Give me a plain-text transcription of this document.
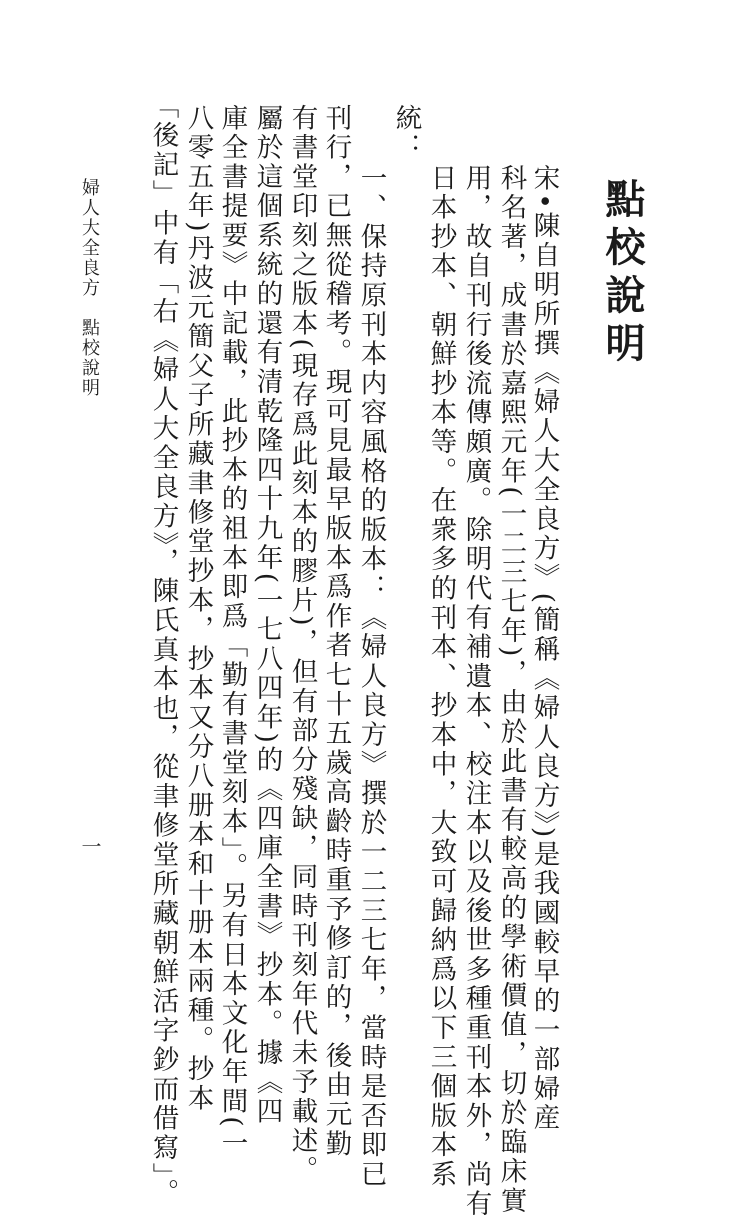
點校說明
宋•陳自明所撰《婦人大全良方》(簡稱《婦人良方》)是我國較早的一部婦産
科名著，成書於嘉熙元年(一二三七年)，由於此書有較高的學術價值，切於臨床實
用，故自刊行後流傳頗廣。除明代有補遺本、校注本以及後世多種重刊本外，尚有
日本抄本、朝鮮抄本等。在衆多的刊本、抄本中，大致可歸納爲以下三個版本系
統：
一、保持原刊本内容風格的版本：《婦人良方》撰於一二三七年，當時是否即已
刊行，已無從稽考。現可見最早版本爲作者七十五歲高齡時重予修訂的，後由元勤
有書堂印刻之版本(現存爲此刻本的膠片)，但有部分殘缺，同時刊刻年代未予載述。
屬於這個系統的還有清乾隆四十九年(一七八四年)的《四庫全書》抄本。據《四
庫全書提要》中記載，此抄本的祖本即爲「勤有書堂刻本」。另有日本文化年間(一
八零五年)丹波元簡父子所藏聿修堂抄本，抄本又分八册本和十册本兩種。抄本
「後記」中有「右《婦人大全良方》，陳氏真本也，從聿修堂所藏朝鮮活字鈔而借寫」。
婦人大全良方　點校說明
一
